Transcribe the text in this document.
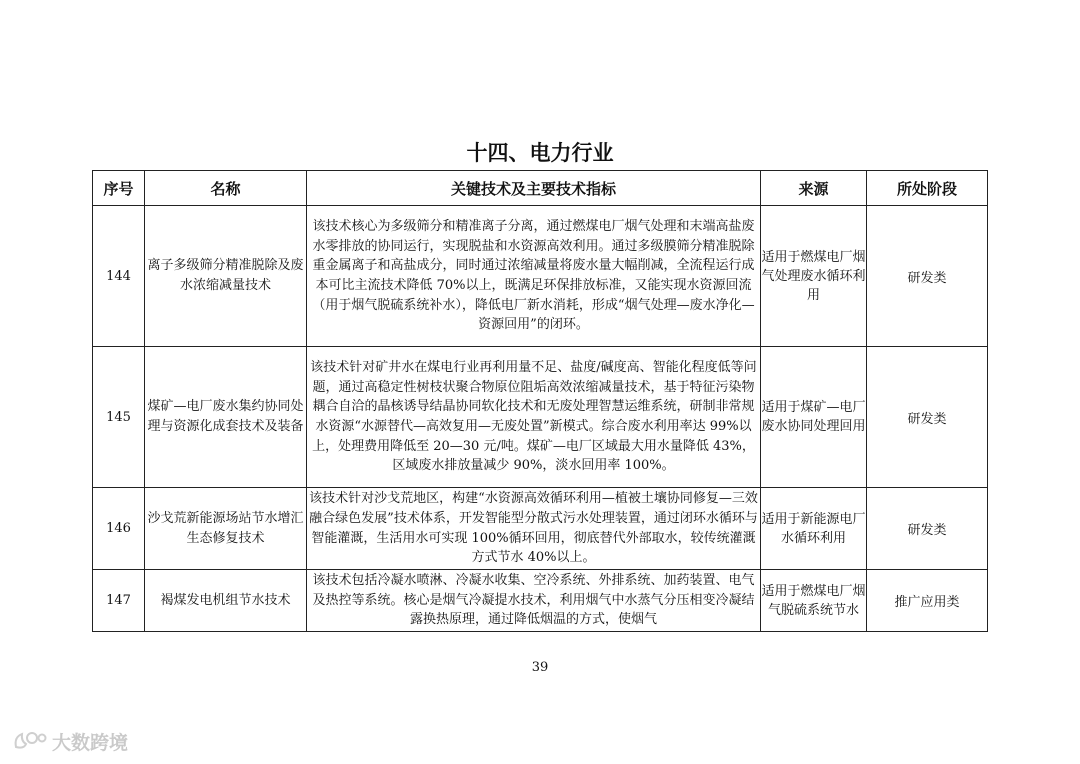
十四、电力行业
序号	名称	关键技术及主要技术指标	来源	所处阶段
144	离子多级筛分精准脱除及废水浓缩减量技术	该技术核心为多级筛分和精准离子分离，通过燃煤电厂烟气处理和末端高盐废水零排放的协同运行，实现脱盐和水资源高效利用。通过多级膜筛分精准脱除重金属离子和高盐成分，同时通过浓缩减量将废水量大幅削减，全流程运行成本可比主流技术降低 70%以上，既满足环保排放标准，又能实现水资源回流（用于烟气脱硫系统补水），降低电厂新水消耗，形成“烟气处理—废水净化—资源回用”的闭环。	适用于燃煤电厂烟气处理废水循环利用	研发类
145	煤矿—电厂废水集约协同处理与资源化成套技术及装备	该技术针对矿井水在煤电行业再利用量不足、盐度/碱度高、智能化程度低等问题，通过高稳定性树枝状聚合物原位阻垢高效浓缩减量技术，基于特征污染物耦合自洽的晶核诱导结晶协同软化技术和无废处理智慧运维系统，研制非常规水资源“水源替代—高效复用—无废处置”新模式。综合废水利用率达 99%以上，处理费用降低至 20—30 元/吨。煤矿—电厂区域最大用水量降低 43%，区域废水排放量减少 90%，淡水回用率 100%。	适用于煤矿—电厂废水协同处理回用	研发类
146	沙戈荒新能源场站节水增汇生态修复技术	该技术针对沙戈荒地区，构建“水资源高效循环利用—植被土壤协同修复—三效融合绿色发展”技术体系，开发智能型分散式污水处理装置，通过闭环水循环与智能灌溉，生活用水可实现 100%循环回用，彻底替代外部取水，较传统灌溉方式节水 40%以上。	适用于新能源电厂水循环利用	研发类
147	褐煤发电机组节水技术	该技术包括冷凝水喷淋、冷凝水收集、空冷系统、外排系统、加药装置、电气及热控等系统。核心是烟气冷凝提水技术，利用烟气中水蒸气分压相变冷凝结露换热原理，通过降低烟温的方式，使烟气	适用于燃煤电厂烟气脱硫系统节水	推广应用类
39
大数跨境
